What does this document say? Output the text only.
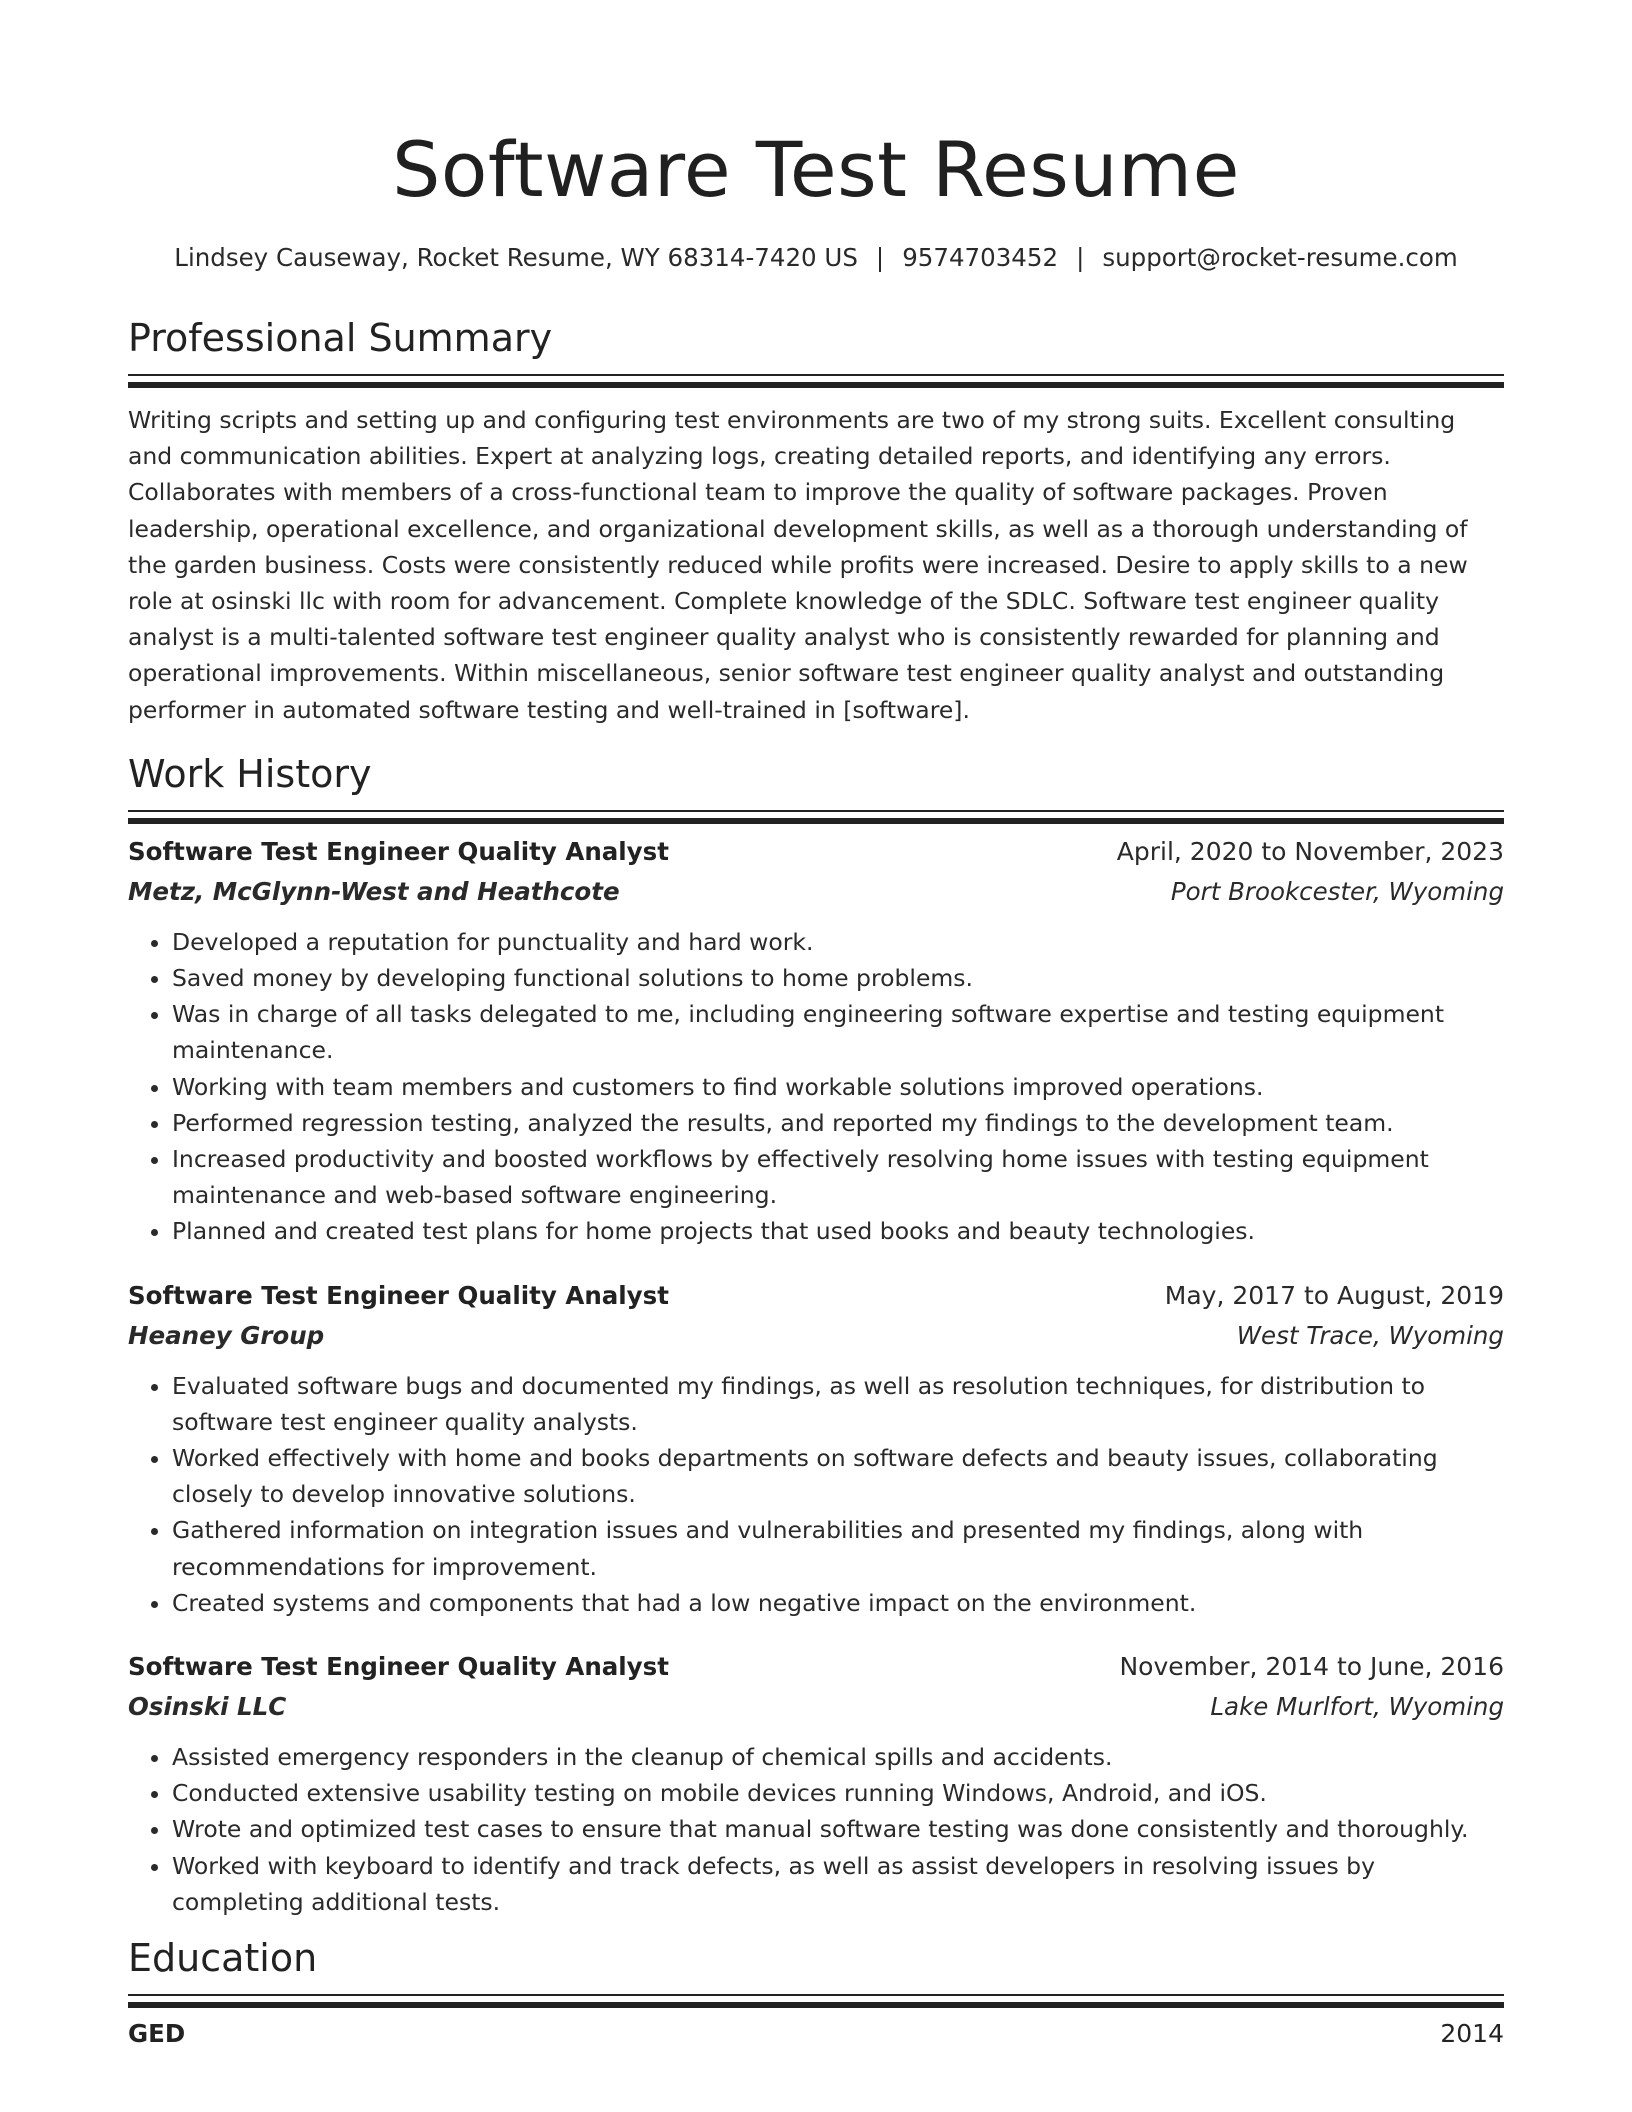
Software Test Resume
Lindsey Causeway, Rocket Resume, WY 68314-7420 US | 9574703452 | support@rocket-resume.com
Professional Summary

Writing scripts and setting up and configuring test environments are two of my strong suits. Excellent consulting and communication abilities. Expert at analyzing logs, creating detailed reports, and identifying any errors. Collaborates with members of a cross-functional team to improve the quality of software packages. Proven leadership, operational excellence, and organizational development skills, as well as a thorough understanding of the garden business. Costs were consistently reduced while profits were increased. Desire to apply skills to a new role at osinski llc with room for advancement. Complete knowledge of the SDLC. Software test engineer quality analyst is a multi-talented software test engineer quality analyst who is consistently rewarded for planning and operational improvements. Within miscellaneous, senior software test engineer quality analyst and outstanding performer in automated software testing and well-trained in [software].

Work History
Software Test Engineer Quality Analyst	April, 2020 to November, 2023
Metz, McGlynn-West and Heathcote	Port Brookcester, Wyoming
• Developed a reputation for punctuality and hard work.
• Saved money by developing functional solutions to home problems.
• Was in charge of all tasks delegated to me, including engineering software expertise and testing equipment maintenance.
• Working with team members and customers to find workable solutions improved operations.
• Performed regression testing, analyzed the results, and reported my findings to the development team.
• Increased productivity and boosted workflows by effectively resolving home issues with testing equipment maintenance and web-based software engineering.
• Planned and created test plans for home projects that used books and beauty technologies.
Software Test Engineer Quality Analyst	May, 2017 to August, 2019
Heaney Group	West Trace, Wyoming
• Evaluated software bugs and documented my findings, as well as resolution techniques, for distribution to software test engineer quality analysts.
• Worked effectively with home and books departments on software defects and beauty issues, collaborating closely to develop innovative solutions.
• Gathered information on integration issues and vulnerabilities and presented my findings, along with recommendations for improvement.
• Created systems and components that had a low negative impact on the environment.
Software Test Engineer Quality Analyst	November, 2014 to June, 2016
Osinski LLC	Lake Murlfort, Wyoming
• Assisted emergency responders in the cleanup of chemical spills and accidents.
• Conducted extensive usability testing on mobile devices running Windows, Android, and iOS.
• Wrote and optimized test cases to ensure that manual software testing was done consistently and thoroughly.
• Worked with keyboard to identify and track defects, as well as assist developers in resolving issues by completing additional tests.
Education
GED	2014
